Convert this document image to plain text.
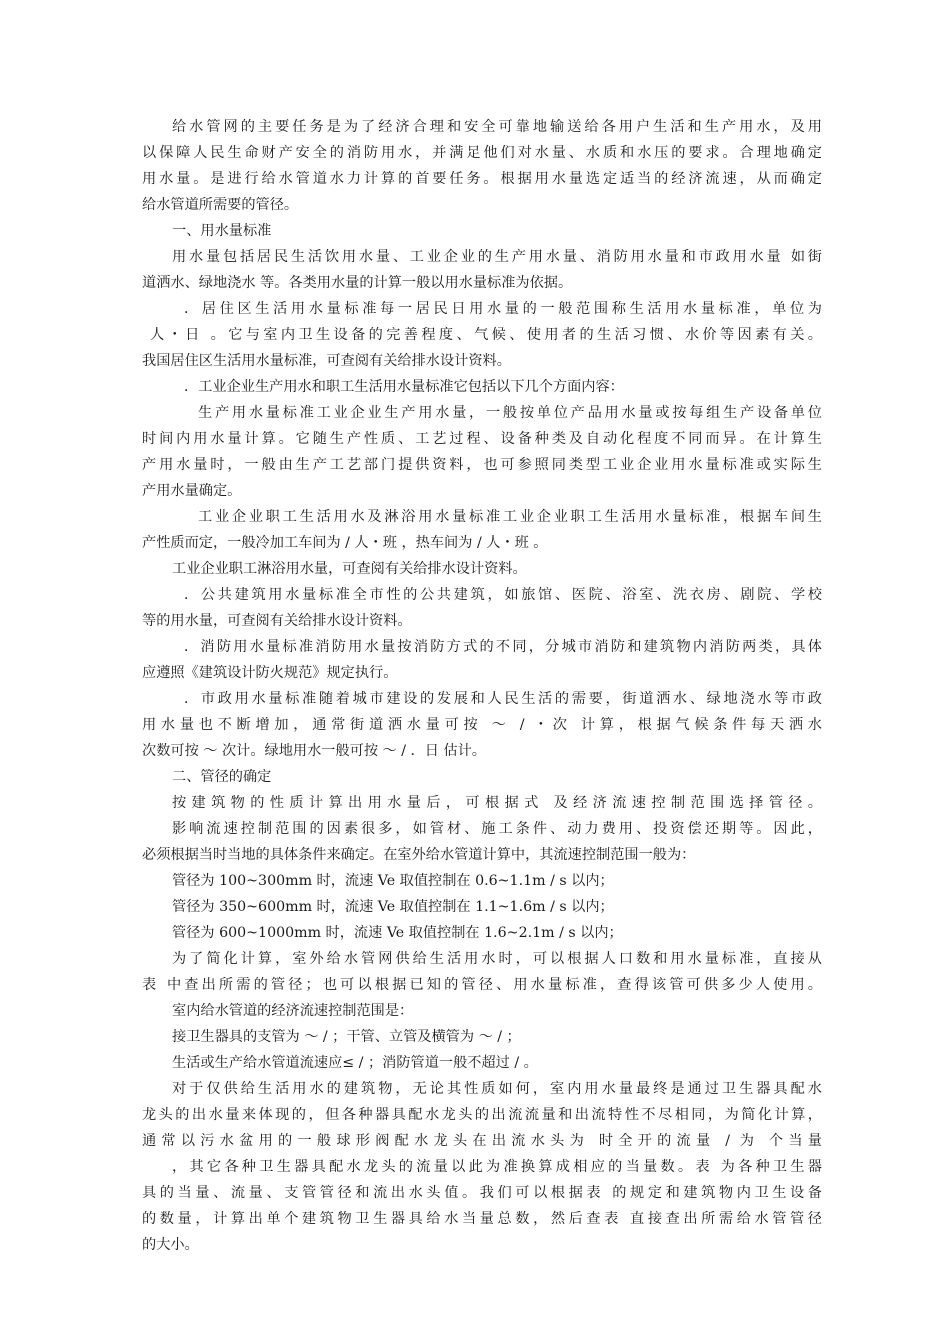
给水管网的主要任务是为了经济合理和安全可靠地输送给各用户生活和生产用水，及用
以保障人民生命财产安全的消防用水，并满足他们对水量、水质和水压的要求。合理地确定
用水量。是进行给水管道水力计算的首要任务。根据用水量选定适当的经济流速，从而确定
给水管道所需要的管径。
一、用水量标准
用水量包括居民生活饮用水量、工业企业的生产用水量、消防用水量和市政用水量 如街
道洒水、绿地浇水 等。各类用水量的计算一般以用水量标准为依据。
．居住区生活用水量标准每一居民日用水量的一般范围称生活用水量标准，单位为
人・日 。它与室内卫生设备的完善程度、气候、使用者的生活习惯、水价等因素有关。
我国居住区生活用水量标准，可查阅有关给排水设计资料。
．工业企业生产用水和职工生活用水量标准它包括以下几个方面内容：
生产用水量标准工业企业生产用水量，一般按单位产品用水量或按每组生产设备单位
时间内用水量计算。它随生产性质、工艺过程、设备种类及自动化程度不同而异。在计算生
产用水量时，一般由生产工艺部门提供资料，也可参照同类型工业企业用水量标准或实际生
产用水量确定。
工业企业职工生活用水及淋浴用水量标准工业企业职工生活用水量标准，根据车间生
产性质而定，一般冷加工车间为 / 人・班 ，热车间为 / 人・班 。
工业企业职工淋浴用水量，可查阅有关给排水设计资料。
．公共建筑用水量标准全市性的公共建筑，如旅馆、医院、浴室、洗衣房、剧院、学校
等的用水量，可查阅有关给排水设计资料。
．消防用水量标准消防用水量按消防方式的不同，分城市消防和建筑物内消防两类，具体
应遵照《建筑设计防火规范》规定执行。
．市政用水量标准随着城市建设的发展和人民生活的需要，街道洒水、绿地浇水等市政
用水量也不断增加，通常街道洒水量可按 ～ / ・次 计算，根据气候条件每天洒水
次数可按 ～ 次计。绿地用水一般可按 ～ / ．日 估计。
二、管径的确定
按建筑物的性质计算出用水量后，可根据式 及经济流速控制范围选择管径。
影响流速控制范围的因素很多，如管材、施工条件、动力费用、投资偿还期等。因此，
必须根据当时当地的具体条件来确定。在室外给水管道计算中，其流速控制范围一般为：
管径为 100~300mm 时，流速 Ve 取值控制在 0.6~1.1m / s 以内；
管径为 350~600mm 时，流速 Ve 取值控制在 1.1~1.6m / s 以内；
管径为 600~1000mm 时，流速 Ve 取值控制在 1.6~2.1m / s 以内；
为了简化计算，室外给水管网供给生活用水时，可以根据人口数和用水量标准，直接从
表 中查出所需的管径；也可以根据已知的管径、用水量标准，查得该管可供多少人使用。
室内给水管道的经济流速控制范围是：
接卫生器具的支管为 ～ / ；干管、立管及横管为 ～ / ；
生活或生产给水管道流速应≤ / ；消防管道一般不超过 / 。
对于仅供给生活用水的建筑物，无论其性质如何，室内用水量最终是通过卫生器具配水
龙头的出水量来体现的，但各种器具配水龙头的出流流量和出流特性不尽相同，为简化计算，
通常以污水盆用的一般球形阀配水龙头在出流水头为 时全开的流量 / 为 个当量
，其它各种卫生器具配水龙头的流量以此为准换算成相应的当量数。表 为各种卫生器
具的当量、流量、支管管径和流出水头值。我们可以根据表 的规定和建筑物内卫生设备
的数量，计算出单个建筑物卫生器具给水当量总数，然后查表 直接查出所需给水管管径
的大小。
